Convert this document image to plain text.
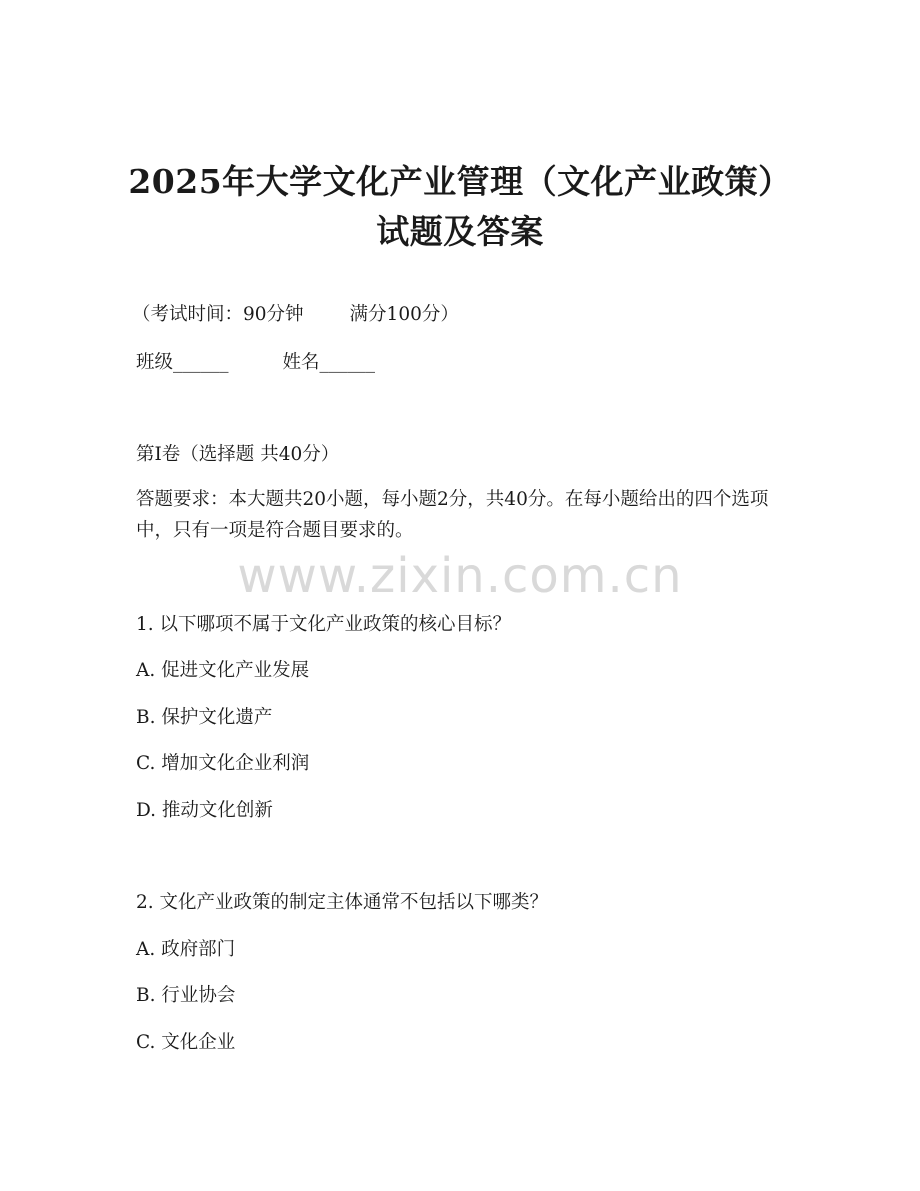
2025年大学文化产业管理（文化产业政策）
试题及答案

（考试时间：90分钟 满分100分）

班级______	姓名______

第I卷（选择题 共40分）

答题要求：本大题共20小题，每小题2分，共40分。在每小题给出的四个选项中，只有一项是符合题目要求的。

www.zixin.com.cn

1. 以下哪项不属于文化产业政策的核心目标？

A. 促进文化产业发展

B. 保护文化遗产

C. 增加文化企业利润

D. 推动文化创新

2. 文化产业政策的制定主体通常不包括以下哪类？

A. 政府部门

B. 行业协会

C. 文化企业
